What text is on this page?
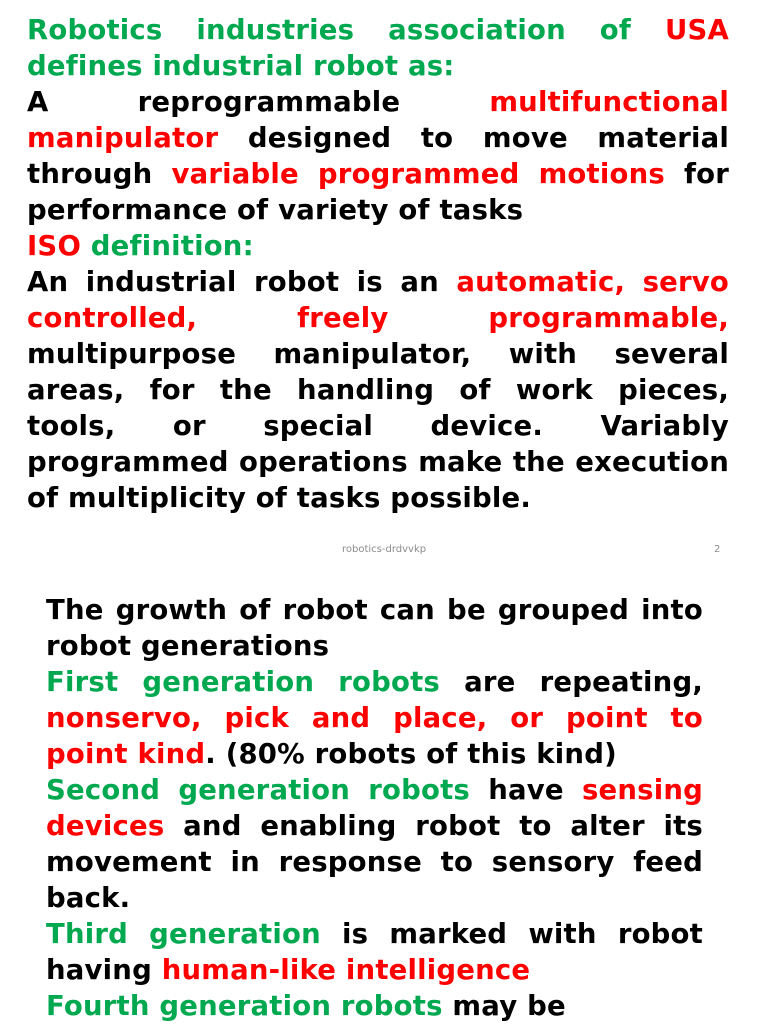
Robotics industries association of USA defines industrial robot as:

A reprogrammable multifunctional manipulator designed to move material through variable programmed motions for performance of variety of tasks

ISO definition:

An industrial robot is an automatic, servo controlled, freely programmable, multipurpose manipulator, with several areas, for the handling of work pieces, tools, or special device. Variably programmed operations make the execution of multiplicity of tasks possible.

robotics-drdvvkp	2

The growth of robot can be grouped into robot generations

First generation robots are repeating, nonservo, pick and place, or point to point kind. (80% robots of this kind)

Second generation robots have sensing devices and enabling robot to alter its movement in response to sensory feed back.

Third generation is marked with robot having human-like intelligence

Fourth generation robots may be
